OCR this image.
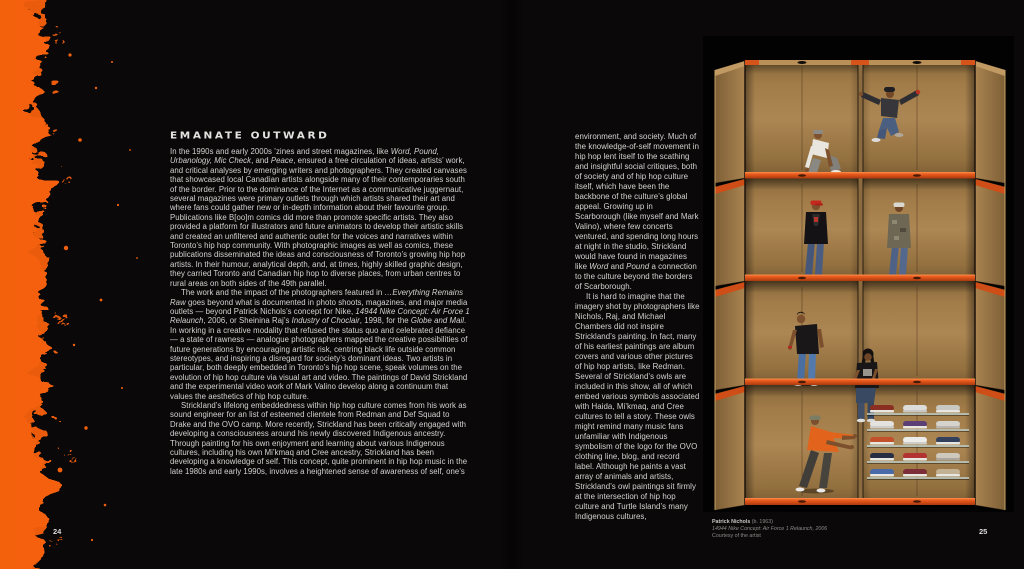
EMANATE OUTWARD

In the 1990s and early 2000s ’zines and street magazines, like Word, Pound, Urbanology, Mic Check, and Peace, ensured a free circulation of ideas, artists’ work, and critical analyses by emerging writers and photographers. They created canvases that showcased local Canadian artists alongside many of their contemporaries south of the border. Prior to the dominance of the Internet as a communicative juggernaut, several magazines were primary outlets through which artists shared their art and where fans could gather new or in-depth information about their favourite group. Publications like B[oo]m comics did more than promote specific artists. They also provided a platform for illustrators and future animators to develop their artistic skills and created an unfiltered and authentic outlet for the voices and narratives within Toronto’s hip hop community. With photographic images as well as comics, these publications disseminated the ideas and consciousness of Toronto’s growing hip hop artists. In their humour, analytical depth, and, at times, highly skilled graphic design, they carried Toronto and Canadian hip hop to diverse places, from urban centres to rural areas on both sides of the 49th parallel.

The work and the impact of the photographers featured in …Everything Remains Raw goes beyond what is documented in photo shoots, magazines, and major media outlets — beyond Patrick Nichols’s concept for Nike, 14944 Nike Concept: Air Force 1 Relaunch, 2006, or Sheinina Raj’s Industry of Choclair, 1998, for the Globe and Mail. In working in a creative modality that refused the status quo and celebrated defiance — a state of rawness — analogue photographers mapped the creative possibilities of future generations by encouraging artistic risk, centring black life outside common stereotypes, and inspiring a disregard for society’s dominant ideas. Two artists in particular, both deeply embedded in Toronto’s hip hop scene, speak volumes on the evolution of hip hop culture via visual art and video. The paintings of David Strickland and the experimental video work of Mark Valino develop along a continuum that values the aesthetics of hip hop culture.

Strickland’s lifelong embeddedness within hip hop culture comes from his work as sound engineer for an list of esteemed clientele from Redman and Def Squad to Drake and the OVO camp. More recently, Strickland has been critically engaged with developing a consciousness around his newly discovered Indigenous ancestry. Through painting for his own enjoyment and learning about various Indigenous cultures, including his own Mi’kmaq and Cree ancestry, Strickland has been developing a knowledge of self. This concept, quite prominent in hip hop music in the late 1980s and early 1990s, involves a heightened sense of awareness of self, one’s

24

environment, and society. Much of the knowledge-of-self movement in hip hop lent itself to the scathing and insightful social critiques, both of society and of hip hop culture itself, which have been the backbone of the culture’s global appeal. Growing up in Scarborough (like myself and Mark Valino), where few concerts ventured, and spending long hours at night in the studio, Strickland would have found in magazines like Word and Pound a connection to the culture beyond the borders of Scarborough.

It is hard to imagine that the imagery shot by photographers like Nichols, Raj, and Michael Chambers did not inspire Strickland’s painting. In fact, many of his earliest paintings are album covers and various other pictures of hip hop artists, like Redman. Several of Strickland’s owls are included in this show, all of which embed various symbols associated with Haida, Mi’kmaq, and Cree cultures to tell a story. These owls might remind many music fans unfamiliar with Indigenous symbolism of the logo for the OVO clothing line, blog, and record label. Although he paints a vast array of animals and artists, Strickland’s owl paintings sit firmly at the intersection of hip hop culture and Turtle Island’s many Indigenous cultures,

Patrick Nichols (b. 1963)
14944 Nike Concept: Air Force 1 Relaunch, 2006
Courtesy of the artist	25
